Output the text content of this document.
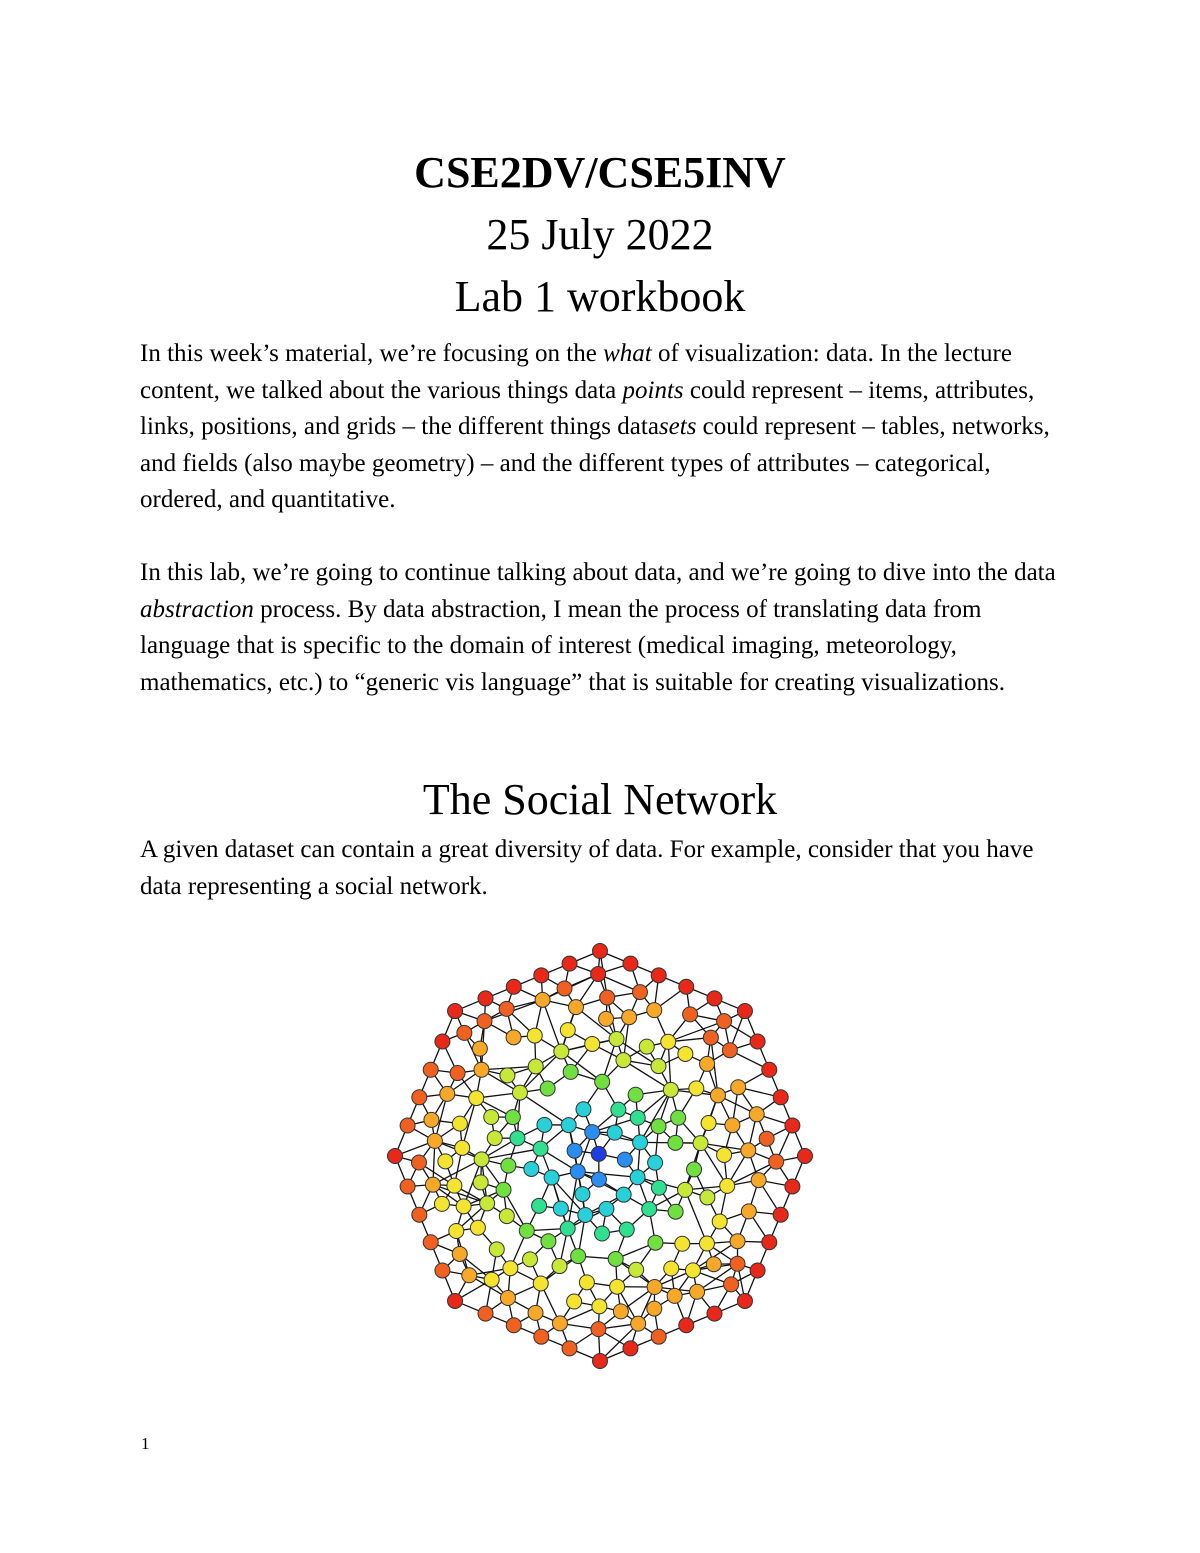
CSE2DV/CSE5INV
25 July 2022
Lab 1 workbook
In this week’s material, we’re focusing on the what of visualization: data. In the lecture content, we talked about the various things data points could represent – items, attributes, links, positions, and grids – the different things datasets could represent – tables, networks, and fields (also maybe geometry) – and the different types of attributes – categorical, ordered, and quantitative.
In this lab, we’re going to continue talking about data, and we’re going to dive into the data abstraction process. By data abstraction, I mean the process of translating data from language that is specific to the domain of interest (medical imaging, meteorology, mathematics, etc.) to “generic vis language” that is suitable for creating visualizations.
The Social Network
A given dataset can contain a great diversity of data. For example, consider that you have data representing a social network.
1
